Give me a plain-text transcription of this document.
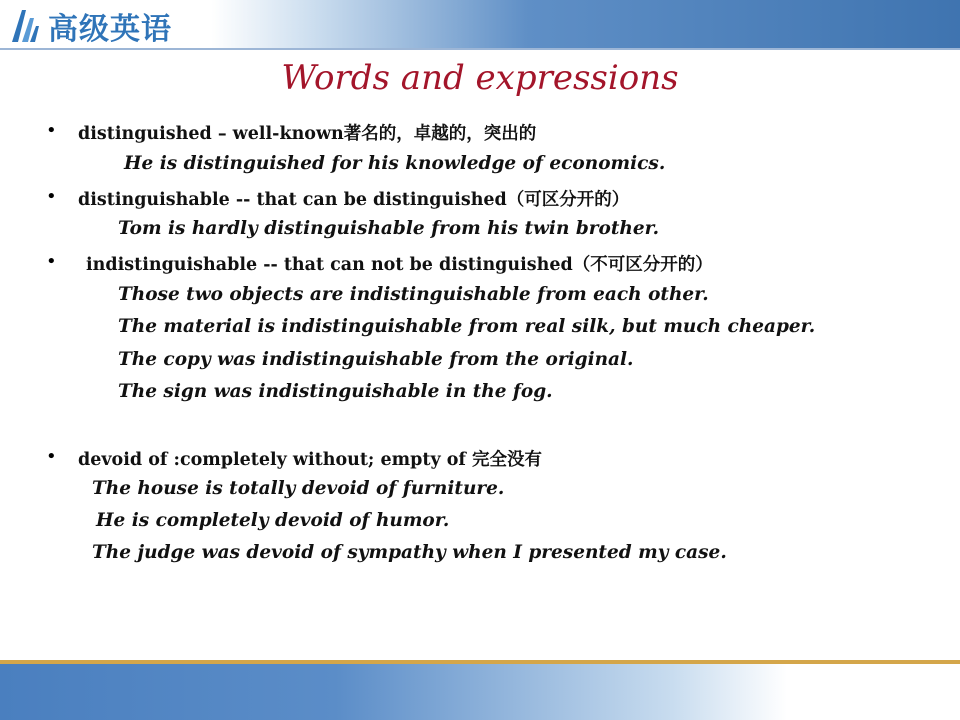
高级英语
Words and expressions
• distinguished – well-known著名的，卓越的，突出的
He is distinguished for his knowledge of economics.
• distinguishable -- that can be distinguished（可区分开的）
Tom is hardly distinguishable from his twin brother.
• indistinguishable -- that can not be distinguished（不可区分开的）
Those two objects are indistinguishable from each other.
The material is indistinguishable from real silk, but much cheaper.
The copy was indistinguishable from the original.
The sign was indistinguishable in the fog.
• devoid of :completely without; empty of 完全没有
The house is totally devoid of furniture.
He is completely devoid of humor.
The judge was devoid of sympathy when I presented my case.
